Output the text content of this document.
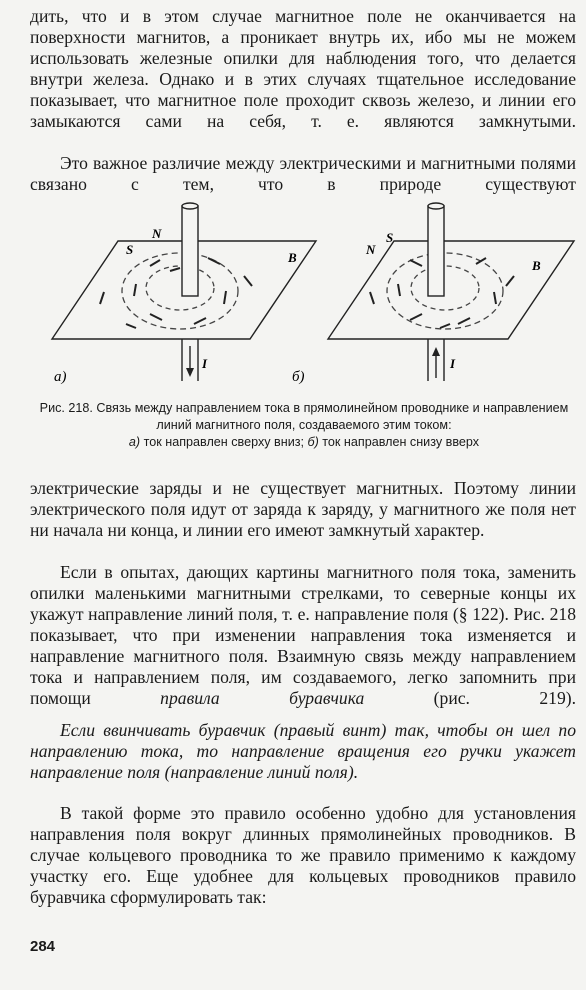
дить, что и в этом случае магнитное поле не оканчивается на поверхности магнитов, а проникает внутрь их, ибо мы не можем использовать железные опилки для наблюдения того, что делается внутри железа. Однако и в этих случаях тщательное исследование показывает, что магнитное поле проходит сквозь железо, и линии его замыкаются сами на себя, т. е. являются замкнутыми.

Это важное различие между электрическими и магнитными полями связано с тем, что в природе существуют

N
S
B
I
а)
S
N
B
I
б)

Рис. 218. Связь между направлением тока в прямолинейном проводнике и направлением линий магнитного поля, создаваемого этим током:
а) ток направлен сверху вниз; б) ток направлен снизу вверх

электрические заряды и не существует магнитных. Поэтому линии электрического поля идут от заряда к заряду, у магнитного же поля нет ни начала ни конца, и линии его имеют замкнутый характер.

Если в опытах, дающих картины магнитного поля тока, заменить опилки маленькими магнитными стрелками, то северные концы их укажут направление линий поля, т. е. направление поля (§ 122). Рис. 218 показывает, что при изменении направления тока изменяется и направление магнитного поля. Взаимную связь между направлением тока и направлением поля, им создаваемого, легко запомнить при помощи правила буравчика (рис. 219).

Если ввинчивать буравчик (правый винт) так, чтобы он шел по направлению тока, то направление вращения его ручки укажет направление поля (направление линий поля).

В такой форме это правило особенно удобно для установления направления поля вокруг длинных прямолинейных проводников. В случае кольцевого проводника то же правило применимо к каждому участку его. Еще удобнее для кольцевых проводников правило буравчика сформулировать так:

284
